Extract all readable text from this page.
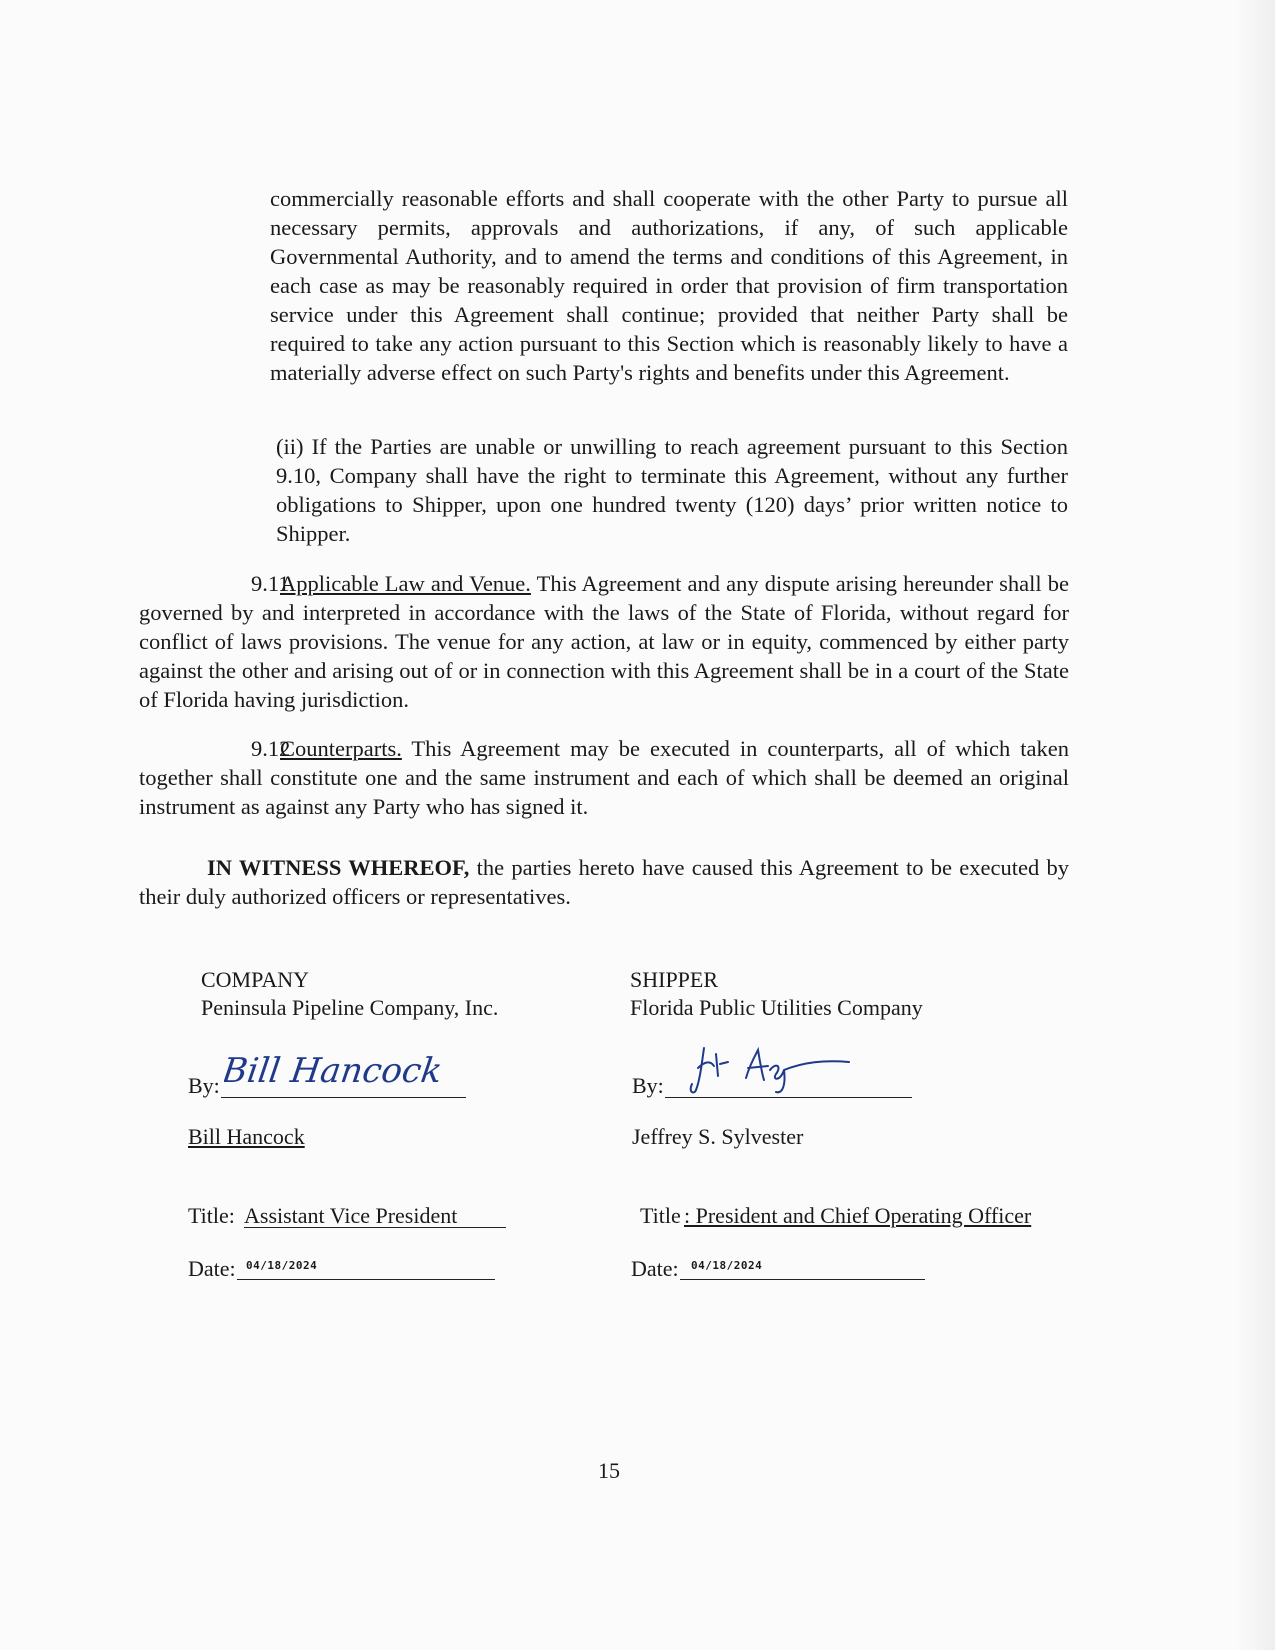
commercially reasonable efforts and shall cooperate with the other Party to pursue all necessary permits, approvals and authorizations, if any, of such applicable Governmental Authority, and to amend the terms and conditions of this Agreement, in each case as may be reasonably required in order that provision of firm transportation service under this Agreement shall continue; provided that neither Party shall be required to take any action pursuant to this Section which is reasonably likely to have a materially adverse effect on such Party's rights and benefits under this Agreement.

(ii) If the Parties are unable or unwilling to reach agreement pursuant to this Section 9.10, Company shall have the right to terminate this Agreement, without any further obligations to Shipper, upon one hundred twenty (120) days’ prior written notice to Shipper.

9.11Applicable Law and Venue. This Agreement and any dispute arising hereunder shall be governed by and interpreted in accordance with the laws of the State of Florida, without regard for conflict of laws provisions. The venue for any action, at law or in equity, commenced by either party against the other and arising out of or in connection with this Agreement shall be in a court of the State of Florida having jurisdiction.

9.12Counterparts. This Agreement may be executed in counterparts, all of which taken together shall constitute one and the same instrument and each of which shall be deemed an original instrument as against any Party who has signed it.

IN WITNESS WHEREOF, the parties hereto have caused this Agreement to be executed by their duly authorized officers or representatives.

COMPANY
Peninsula Pipeline Company, Inc.
By: Bill Hancock
Bill Hancock
Title: Assistant Vice President
Date: 04/18/2024
SHIPPER
Florida Public Utilities Company
By:
Jeffrey S. Sylvester
Title : President and Chief Operating Officer
Date: 04/18/2024
15
